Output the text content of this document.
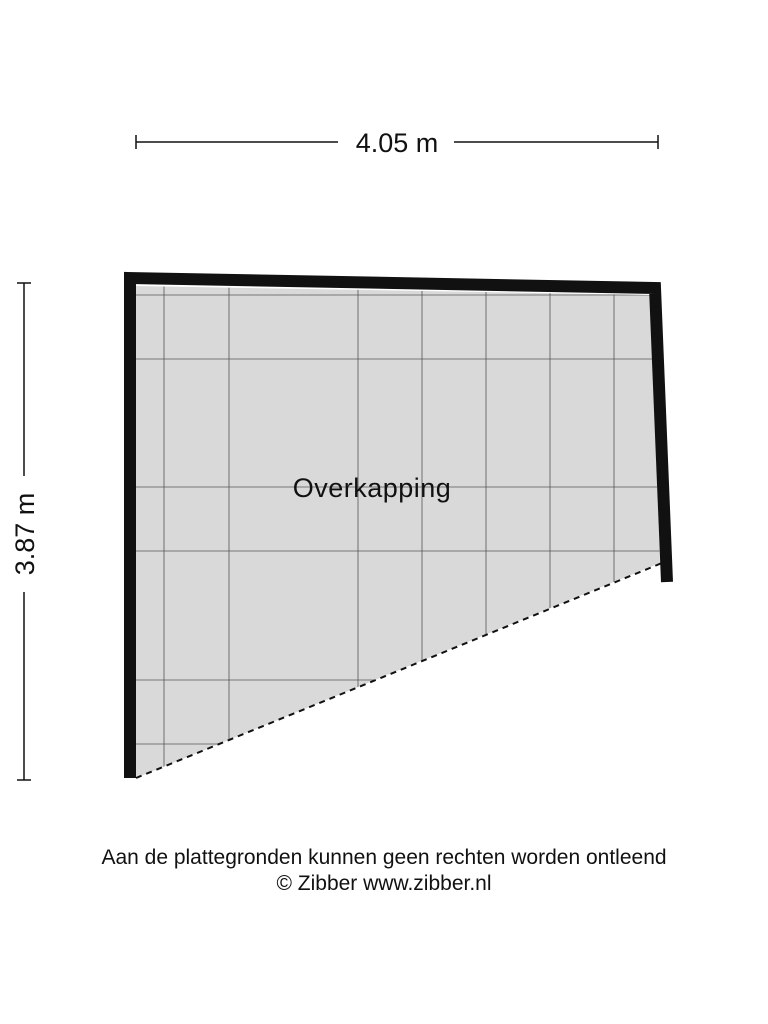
4.05 m
3.87 m
Overkapping
Aan de plattegronden kunnen geen rechten worden ontleend
© Zibber www.zibber.nl
